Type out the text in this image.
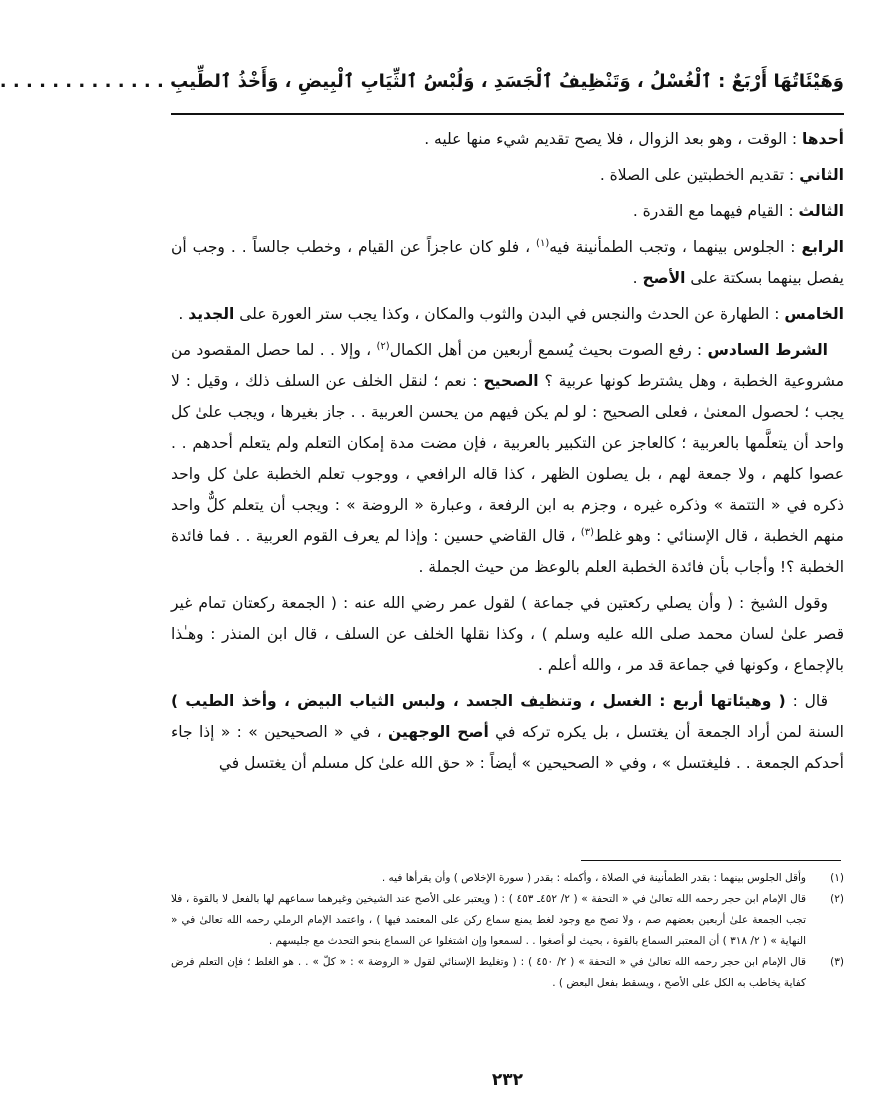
وَهَيْئَاتُهَا أَرْبَعٌ : ٱلْغُسْلُ ، وَتَنْظِيفُ ٱلْجَسَدِ ، وَلُبْسُ ٱلثِّيَابِ ٱلْبِيضِ ، وَأَخْذُ ٱلطِّيبِ . . . . . . . . . . . . .

أحدها : الوقت ، وهو بعد الزوال ، فلا يصح تقديم شيء منها عليه .

الثاني : تقديم الخطبتين على الصلاة .

الثالث : القيام فيهما مع القدرة .

الرابع : الجلوس بينهما ، وتجب الطمأنينة فيه$^{(١)}$ ، فلو كان عاجزاً عن القيام ، وخطب جالساً . . وجب أن يفصل بينهما بسكتة على الأصح .

الخامس : الطهارة عن الحدث والنجس في البدن والثوب والمكان ، وكذا يجب ستر العورة على الجديد .

الشرط السادس : رفع الصوت بحيث يُسمع أربعين من أهل الكمال$^{(٢)}$ ، وإلا . . لما حصل المقصود من مشروعية الخطبة ، وهل يشترط كونها عربية ؟ الصحيح : نعم ؛ لنقل الخلف عن السلف ذلك ، وقيل : لا يجب ؛ لحصول المعنىٰ ، فعلى الصحيح : لو لم يكن فيهم من يحسن العربية . . جاز بغيرها ، ويجب علىٰ كل واحد أن يتعلَّمها بالعربية ؛ كالعاجز عن التكبير بالعربية ، فإن مضت مدة إمكان التعلم ولم يتعلم أحدهم . . عصوا كلهم ، ولا جمعة لهم ، بل يصلون الظهر ، كذا قاله الرافعي ، ووجوب تعلم الخطبة علىٰ كل واحد ذكره في « التتمة » وذكره غيره ، وجزم به ابن الرفعة ، وعبارة « الروضة » : ويجب أن يتعلم كلٌّ واحد منهم الخطبة ، قال الإسنائي : وهو غلط$^{(٣)}$ ، قال القاضي حسين : وإذا لم يعرف القوم العربية . . فما فائدة الخطبة ؟! وأجاب بأن فائدة الخطبة العلم بالوعظ من حيث الجملة .

وقول الشيخ : ( وأن يصلي ركعتين في جماعة ) لقول عمر رضي الله عنه : ( الجمعة ركعتان تمام غير قصر علىٰ لسان محمد صلى الله عليه وسلم ) ، وكذا نقلها الخلف عن السلف ، قال ابن المنذر : وهـٰذا بالإجماع ، وكونها في جماعة قد مر ، والله أعلم .

قال : ( وهيئاتها أربع : الغسل ، وتنظيف الجسد ، ولبس الثياب البيض ، وأخذ الطيب ) السنة لمن أراد الجمعة أن يغتسل ، بل يكره تركه في أصح الوجهين ، في « الصحيحين » : « إذا جاء أحدكم الجمعة . . فليغتسل » ، وفي « الصحيحين » أيضاً : « حق الله علىٰ كل مسلم أن يغتسل في

(١)
وأقل الجلوس بينهما : بقدر الطمأنينة في الصلاة ، وأكمله : بقدر ( سورة الإخلاص ) وأن يقرأها فيه .
(٢)
قال الإمام ابن حجر رحمه الله تعالىٰ في « التحفة » ( ٢/ ٤٥٢ـ ٤٥٣ ) : ( ويعتبر على الأصح عند الشيخين وغيرهما سماعهم لها بالفعل لا بالقوة ، فلا تجب الجمعة علىٰ أربعين بعضهم صم ، ولا تصح مع وجود لغط يمنع سماع ركن على المعتمد فيها ) ، واعتمد الإمام الرملي رحمه الله تعالىٰ في « النهاية » ( ٢/ ٣١٨ ) أن المعتبر السماع بالقوة ، بحيث لو أصغوا . . لسمعوا وإن اشتغلوا عن السماع بنحو التحدث مع جليسهم .
(٣)
قال الإمام ابن حجر رحمه الله تعالىٰ في « التحفة » ( ٢/ ٤٥٠ ) : ( وتغليط الإسنائي لقول « الروضة » : « كلّ » . . هو الغلط ؛ فإن التعلم فرض كفاية يخاطب به الكل على الأصح ، ويسقط بفعل البعض ) .
٢٣٢
